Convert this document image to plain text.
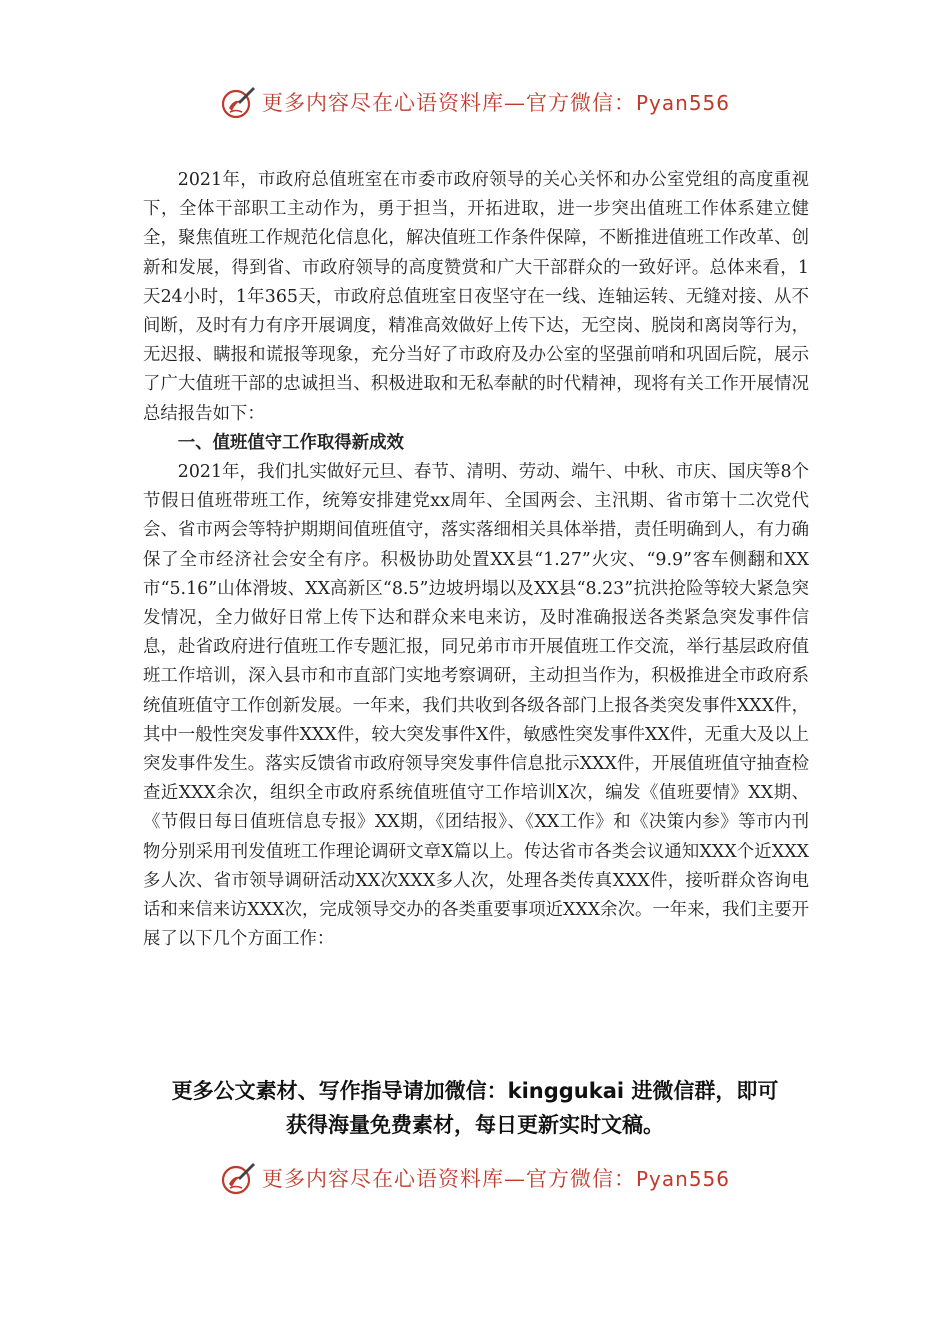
更多内容尽在心语资料库—官方微信：Pyan556

2021年，市政府总值班室在市委市政府领导的关心关怀和办公室党组的高度重视下，全体干部职工主动作为，勇于担当，开拓进取，进一步突出值班工作体系建立健全，聚焦值班工作规范化信息化，解决值班工作条件保障，不断推进值班工作改革、创新和发展，得到省、市政府领导的高度赞赏和广大干部群众的一致好评。总体来看，1天24小时，1年365天，市政府总值班室日夜坚守在一线、连轴运转、无缝对接、从不间断，及时有力有序开展调度，精准高效做好上传下达，无空岗、脱岗和离岗等行为，无迟报、瞒报和谎报等现象，充分当好了市政府及办公室的坚强前哨和巩固后院，展示了广大值班干部的忠诚担当、积极进取和无私奉献的时代精神，现将有关工作开展情况总结报告如下：

一、值班值守工作取得新成效

2021年，我们扎实做好元旦、春节、清明、劳动、端午、中秋、市庆、国庆等8个节假日值班带班工作，统筹安排建党xx周年、全国两会、主汛期、省市第十二次党代会、省市两会等特护期期间值班值守，落实落细相关具体举措，责任明确到人，有力确保了全市经济社会安全有序。积极协助处置XX县“1.27”火灾、“9.9”客车侧翻和XX市“5.16”山体滑坡、XX高新区“8.5”边坡坍塌以及XX县“8.23”抗洪抢险等较大紧急突发情况，全力做好日常上传下达和群众来电来访，及时准确报送各类紧急突发事件信息，赴省政府进行值班工作专题汇报，同兄弟市市开展值班工作交流，举行基层政府值班工作培训，深入县市和市直部门实地考察调研，主动担当作为，积极推进全市政府系统值班值守工作创新发展。一年来，我们共收到各级各部门上报各类突发事件XXX件，其中一般性突发事件XXX件，较大突发事件X件，敏感性突发事件XX件，无重大及以上突发事件发生。落实反馈省市政府领导突发事件信息批示XXX件，开展值班值守抽查检查近XXX余次，组织全市政府系统值班值守工作培训X次，编发《值班要情》XX期、《节假日每日值班信息专报》XX期，《团结报》、《XX工作》和《决策内参》等市内刊物分别采用刊发值班工作理论调研文章X篇以上。传达省市各类会议通知XXX个近XXX多人次、省市领导调研活动XX次XXX多人次，处理各类传真XXX件，接听群众咨询电话和来信来访XXX次，完成领导交办的各类重要事项近XXX余次。一年来，我们主要开展了以下几个方面工作：

更多公文素材、写作指导请加微信：kinggukai 进微信群，即可
获得海量免费素材，每日更新实时文稿。
更多内容尽在心语资料库—官方微信：Pyan556
